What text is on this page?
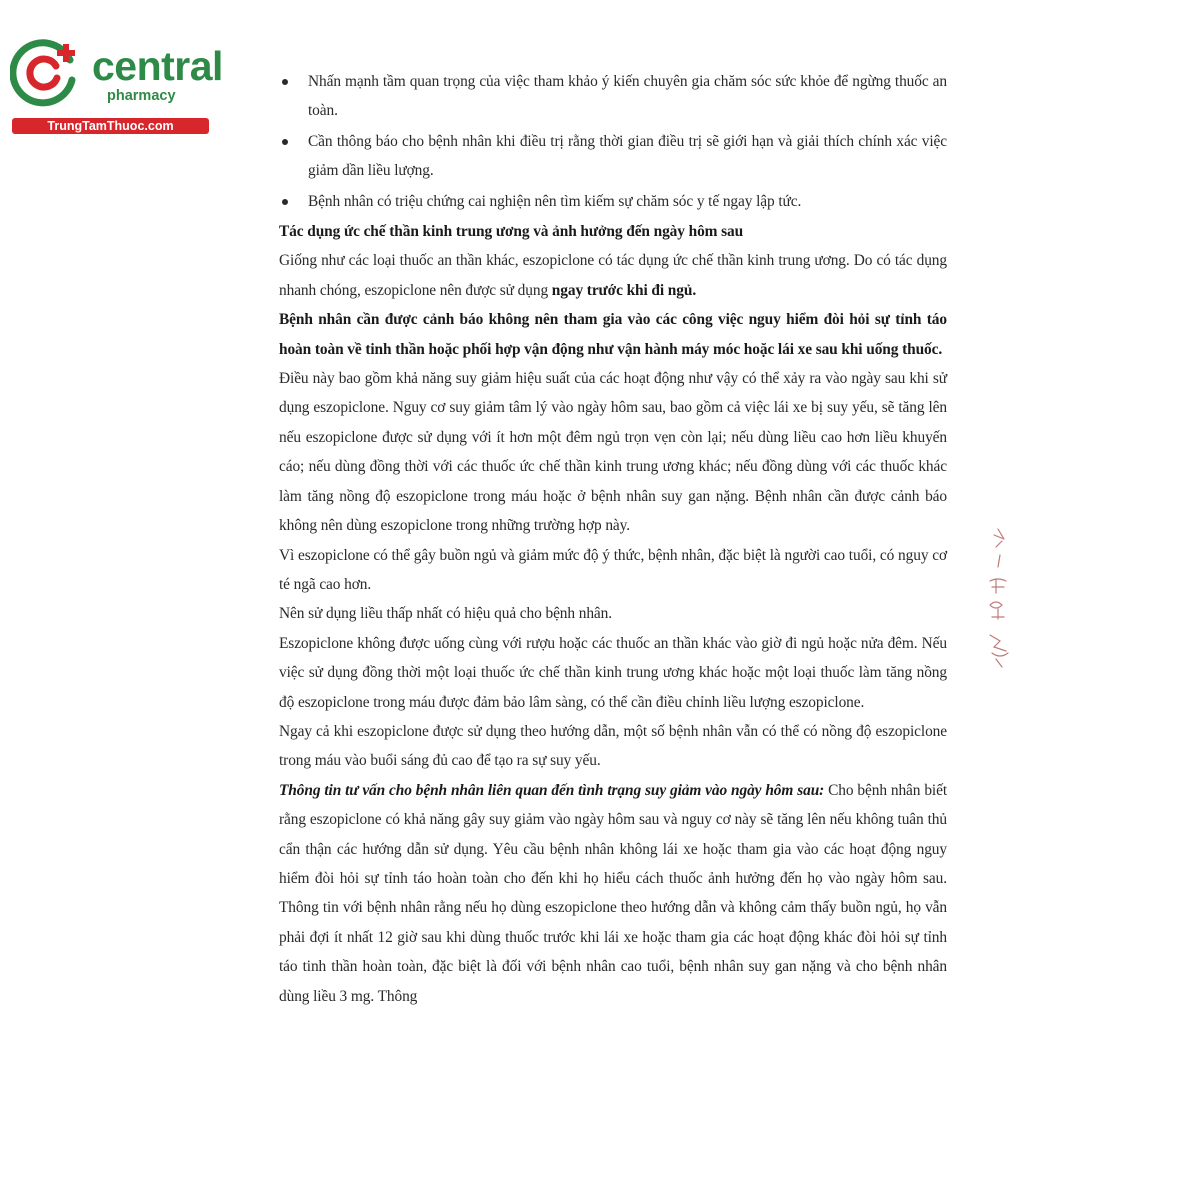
central
pharmacy
TrungTamThuoc.com
Nhấn mạnh tầm quan trọng của việc tham khảo ý kiến chuyên gia chăm sóc sức khỏe để ngừng thuốc an toàn.
Cần thông báo cho bệnh nhân khi điều trị rằng thời gian điều trị sẽ giới hạn và giải thích chính xác việc giảm dần liều lượng.
Bệnh nhân có triệu chứng cai nghiện nên tìm kiếm sự chăm sóc y tế ngay lập tức.

Tác dụng ức chế thần kinh trung ương và ảnh hưởng đến ngày hôm sau

Giống như các loại thuốc an thần khác, eszopiclone có tác dụng ức chế thần kinh trung ương. Do có tác dụng nhanh chóng, eszopiclone nên được sử dụng ngay trước khi đi ngủ.

Bệnh nhân cần được cảnh báo không nên tham gia vào các công việc nguy hiểm đòi hỏi sự tỉnh táo hoàn toàn về tinh thần hoặc phối hợp vận động như vận hành máy móc hoặc lái xe sau khi uống thuốc.

Điều này bao gồm khả năng suy giảm hiệu suất của các hoạt động như vậy có thể xảy ra vào ngày sau khi sử dụng eszopiclone. Nguy cơ suy giảm tâm lý vào ngày hôm sau, bao gồm cả việc lái xe bị suy yếu, sẽ tăng lên nếu eszopiclone được sử dụng với ít hơn một đêm ngủ trọn vẹn còn lại; nếu dùng liều cao hơn liều khuyến cáo; nếu dùng đồng thời với các thuốc ức chế thần kinh trung ương khác; nếu đồng dùng với các thuốc khác làm tăng nồng độ eszopiclone trong máu hoặc ở bệnh nhân suy gan nặng. Bệnh nhân cần được cảnh báo không nên dùng eszopiclone trong những trường hợp này.

Vì eszopiclone có thể gây buồn ngủ và giảm mức độ ý thức, bệnh nhân, đặc biệt là người cao tuổi, có nguy cơ té ngã cao hơn.

Nên sử dụng liều thấp nhất có hiệu quả cho bệnh nhân.

Eszopiclone không được uống cùng với rượu hoặc các thuốc an thần khác vào giờ đi ngủ hoặc nửa đêm. Nếu việc sử dụng đồng thời một loại thuốc ức chế thần kinh trung ương khác hoặc một loại thuốc làm tăng nồng độ eszopiclone trong máu được đảm bảo lâm sàng, có thể cần điều chỉnh liều lượng eszopiclone.

Ngay cả khi eszopiclone được sử dụng theo hướng dẫn, một số bệnh nhân vẫn có thể có nồng độ eszopiclone trong máu vào buổi sáng đủ cao để tạo ra sự suy yếu.

Thông tin tư vấn cho bệnh nhân liên quan đến tình trạng suy giảm vào ngày hôm sau: Cho bệnh nhân biết rằng eszopiclone có khả năng gây suy giảm vào ngày hôm sau và nguy cơ này sẽ tăng lên nếu không tuân thủ cẩn thận các hướng dẫn sử dụng. Yêu cầu bệnh nhân không lái xe hoặc tham gia vào các hoạt động nguy hiểm đòi hỏi sự tỉnh táo hoàn toàn cho đến khi họ hiểu cách thuốc ảnh hưởng đến họ vào ngày hôm sau. Thông tin với bệnh nhân rằng nếu họ dùng eszopiclone theo hướng dẫn và không cảm thấy buồn ngủ, họ vẫn phải đợi ít nhất 12 giờ sau khi dùng thuốc trước khi lái xe hoặc tham gia các hoạt động khác đòi hỏi sự tỉnh táo tinh thần hoàn toàn, đặc biệt là đối với bệnh nhân cao tuổi, bệnh nhân suy gan nặng và cho bệnh nhân dùng liều 3 mg. Thông
